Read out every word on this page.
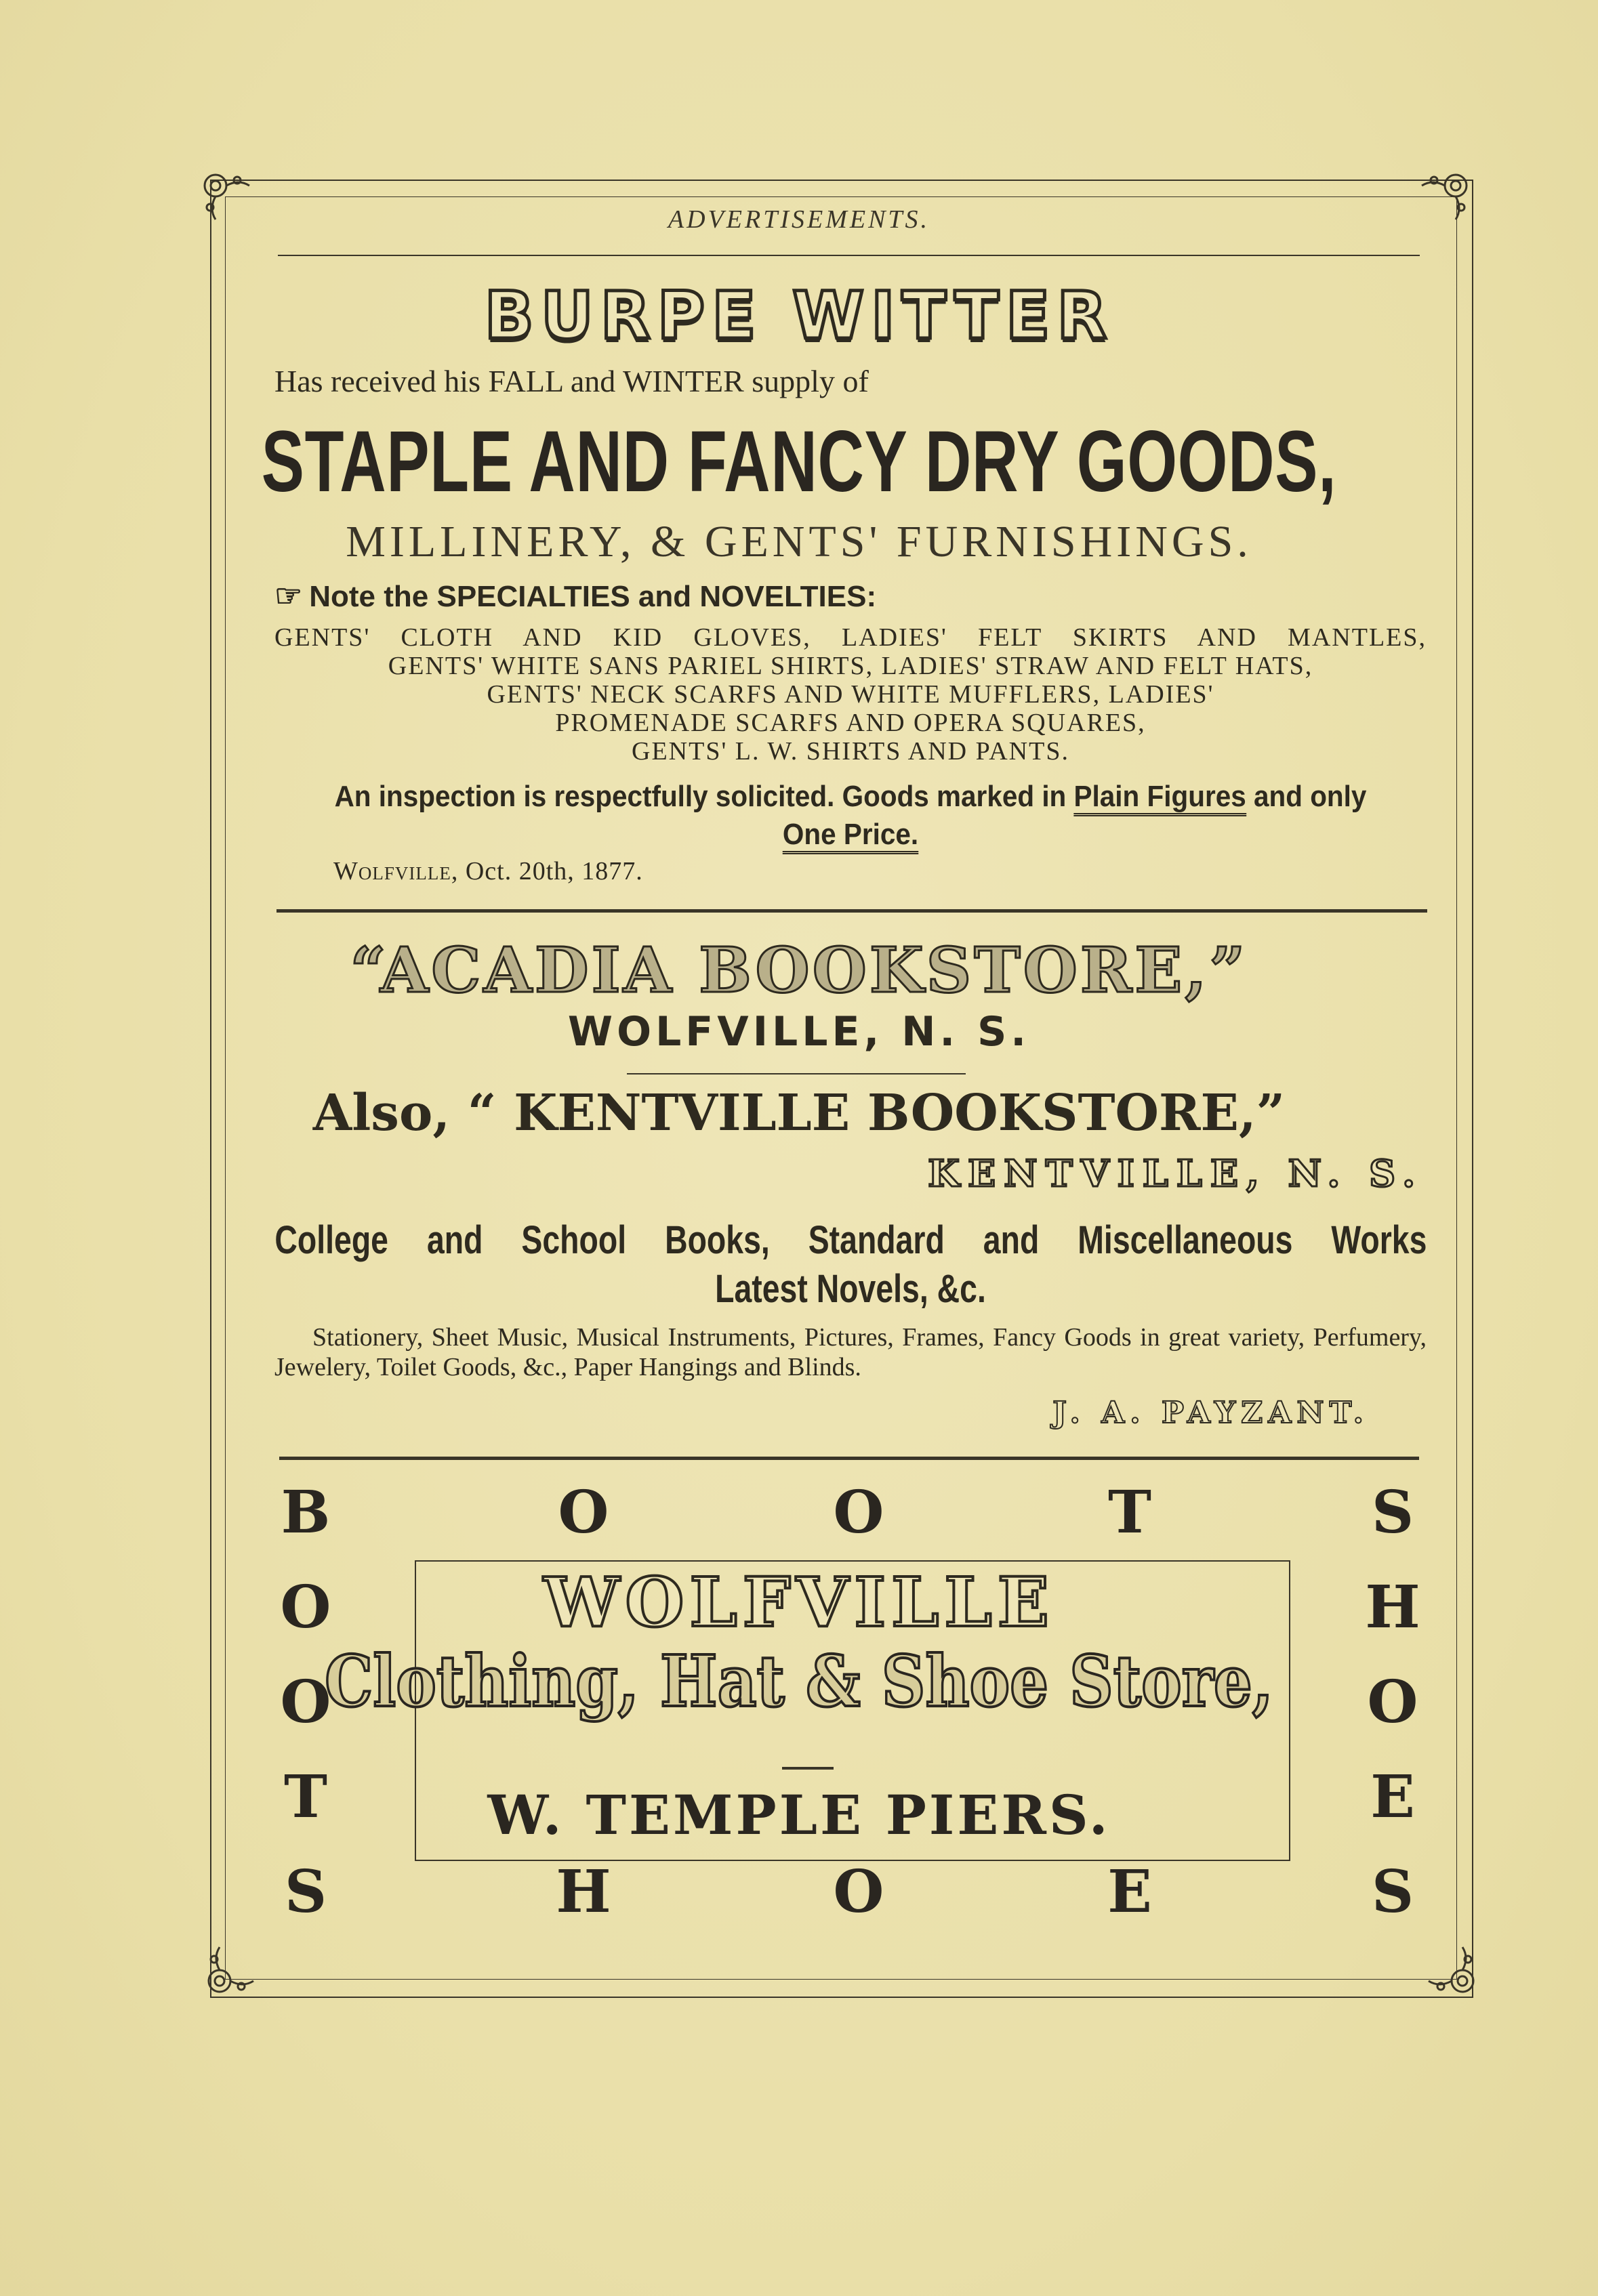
ADVERTISEMENTS.
BURPE WITTER
Has received his FALL and WINTER supply of
STAPLE AND FANCY DRY GOODS,
MILLINERY, & GENTS' FURNISHINGS.
☞ Note the SPECIALTIES and NOVELTIES:
GENTS' CLOTH AND KID GLOVES, LADIES' FELT SKIRTS AND MANTLES,
GENTS' WHITE SANS PARIEL SHIRTS, LADIES' STRAW AND FELT HATS,
GENTS' NECK SCARFS AND WHITE MUFFLERS, LADIES'
PROMENADE SCARFS AND OPERA SQUARES,
GENTS' L. W. SHIRTS AND PANTS.
An inspection is respectfully solicited. Goods marked in Plain Figures and only
One Price.
Wolfville, Oct. 20th, 1877.
“ACADIA BOOKSTORE,”
WOLFVILLE, N. S.
Also, “ KENTVILLE BOOKSTORE,”
KENTVILLE, N. S.
College and School Books, Standard and Miscellaneous Works
Latest Novels, &c.
Stationery, Sheet Music, Musical Instruments, Pictures, Frames, Fancy Goods in great variety, Perfumery, Jewelery, Toilet Goods, &c., Paper Hangings and Blinds.
J. A. PAYZANT.
B	O	O	T	S
O
O
T
H
O
E
S	H	O	E	S
WOLFVILLE
Clothing, Hat & Shoe Store,
W. TEMPLE PIERS.
